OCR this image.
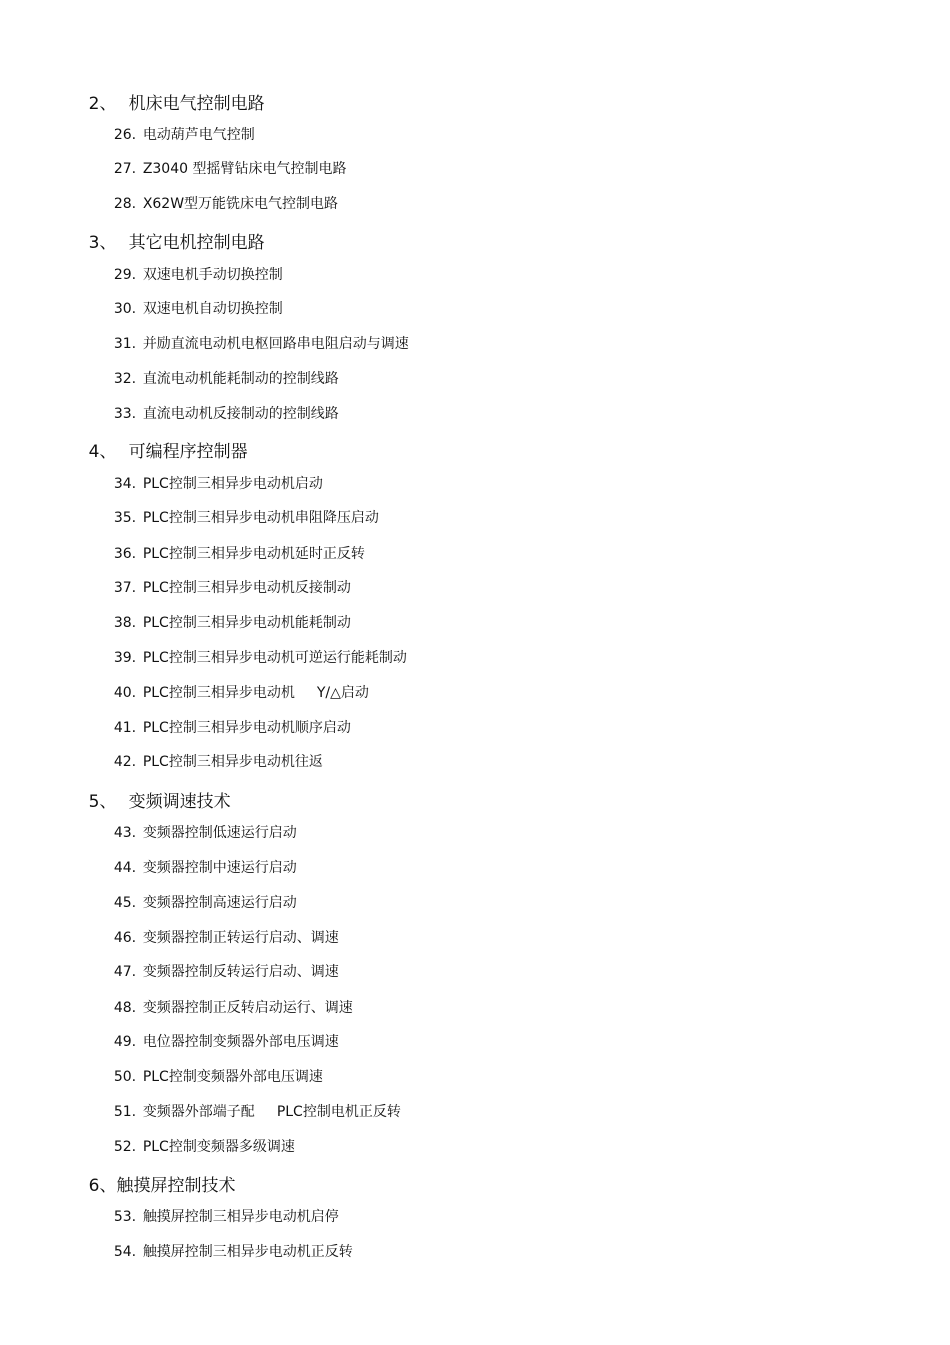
2、 机床电气控制电路

26. 电动葫芦电气控制

27. Z3040 型摇臂钻床电气控制电路

28. X62W型万能铣床电气控制电路

3、 其它电机控制电路

29. 双速电机手动切换控制

30. 双速电机自动切换控制

31. 并励直流电动机电枢回路串电阻启动与调速

32. 直流电动机能耗制动的控制线路

33. 直流电动机反接制动的控制线路

4、 可编程序控制器

34. PLC控制三相异步电动机启动

35. PLC控制三相异步电动机串阻降压启动

36. PLC控制三相异步电动机延时正反转

37. PLC控制三相异步电动机反接制动

38. PLC控制三相异步电动机能耗制动

39. PLC控制三相异步电动机可逆运行能耗制动

40. PLC控制三相异步电动机 Y/△启动

41. PLC控制三相异步电动机顺序启动

42. PLC控制三相异步电动机往返

5、 变频调速技术

43. 变频器控制低速运行启动

44. 变频器控制中速运行启动

45. 变频器控制高速运行启动

46. 变频器控制正转运行启动、调速

47. 变频器控制反转运行启动、调速

48. 变频器控制正反转启动运行、调速

49. 电位器控制变频器外部电压调速

50. PLC控制变频器外部电压调速

51. 变频器外部端子配 PLC控制电机正反转

52. PLC控制变频器多级调速

6、触摸屏控制技术

53. 触摸屏控制三相异步电动机启停

54. 触摸屏控制三相异步电动机正反转
